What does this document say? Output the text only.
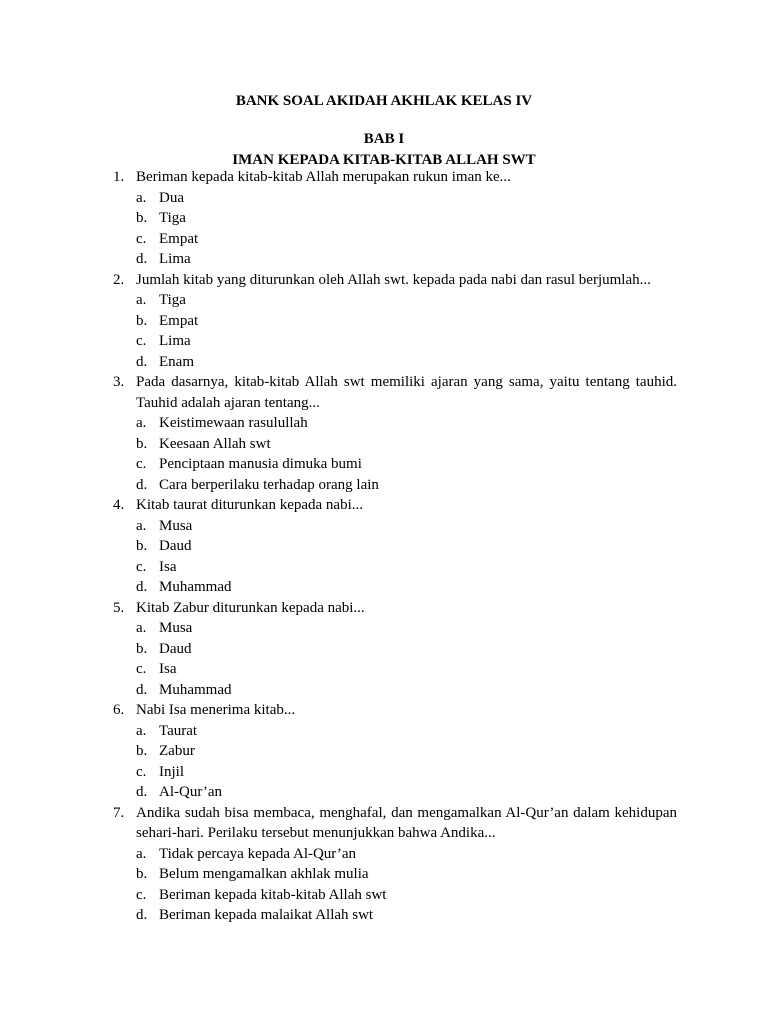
BANK SOAL AKIDAH AKHLAK KELAS IV
BAB I
IMAN KEPADA KITAB-KITAB ALLAH SWT
1. Beriman kepada kitab-kitab Allah merupakan rukun iman ke...
a. Dua
b. Tiga
c. Empat
d. Lima
2. Jumlah kitab yang diturunkan oleh Allah swt. kepada pada nabi dan rasul berjumlah...
a. Tiga
b. Empat
c. Lima
d. Enam
3. Pada dasarnya, kitab-kitab Allah swt memiliki ajaran yang sama, yaitu tentang tauhid. Tauhid adalah ajaran tentang...
a. Keistimewaan rasulullah
b. Keesaan Allah swt
c. Penciptaan manusia dimuka bumi
d. Cara berperilaku terhadap orang lain
4. Kitab taurat diturunkan kepada nabi...
a. Musa
b. Daud
c. Isa
d. Muhammad
5. Kitab Zabur diturunkan kepada nabi...
a. Musa
b. Daud
c. Isa
d. Muhammad
6. Nabi Isa menerima kitab...
a. Taurat
b. Zabur
c. Injil
d. Al-Qur’an
7. Andika sudah bisa membaca, menghafal, dan mengamalkan Al-Qur’an dalam kehidupan sehari-hari. Perilaku tersebut menunjukkan bahwa Andika...
a. Tidak percaya kepada Al-Qur’an
b. Belum mengamalkan akhlak mulia
c. Beriman kepada kitab-kitab Allah swt
d. Beriman kepada malaikat Allah swt
